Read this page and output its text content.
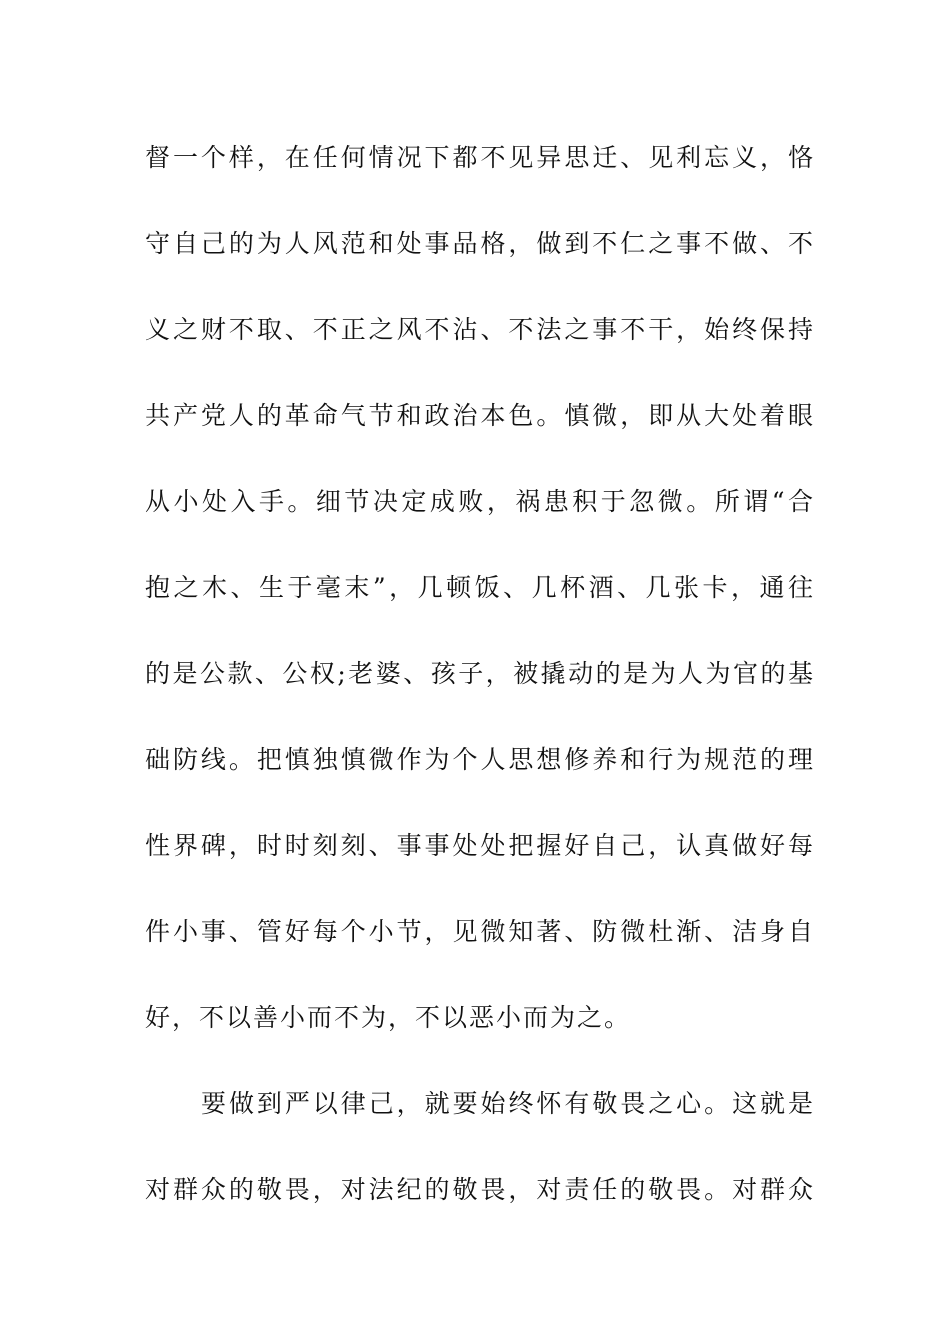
督一个样，在任何情况下都不见异思迁、见利忘义，恪
守自己的为人风范和处事品格，做到不仁之事不做、不
义之财不取、不正之风不沾、不法之事不干，始终保持
共产党人的革命气节和政治本色。慎微，即从大处着眼
从小处入手。细节决定成败，祸患积于忽微。所谓“合
抱之木、生于毫末”，几顿饭、几杯酒、几张卡，通往
的是公款、公权;老婆、孩子，被撬动的是为人为官的基
础防线。把慎独慎微作为个人思想修养和行为规范的理
性界碑，时时刻刻、事事处处把握好自己，认真做好每
件小事、管好每个小节，见微知著、防微杜渐、洁身自
好，不以善小而不为，不以恶小而为之。
要做到严以律己，就要始终怀有敬畏之心。这就是
对群众的敬畏，对法纪的敬畏，对责任的敬畏。对群众
